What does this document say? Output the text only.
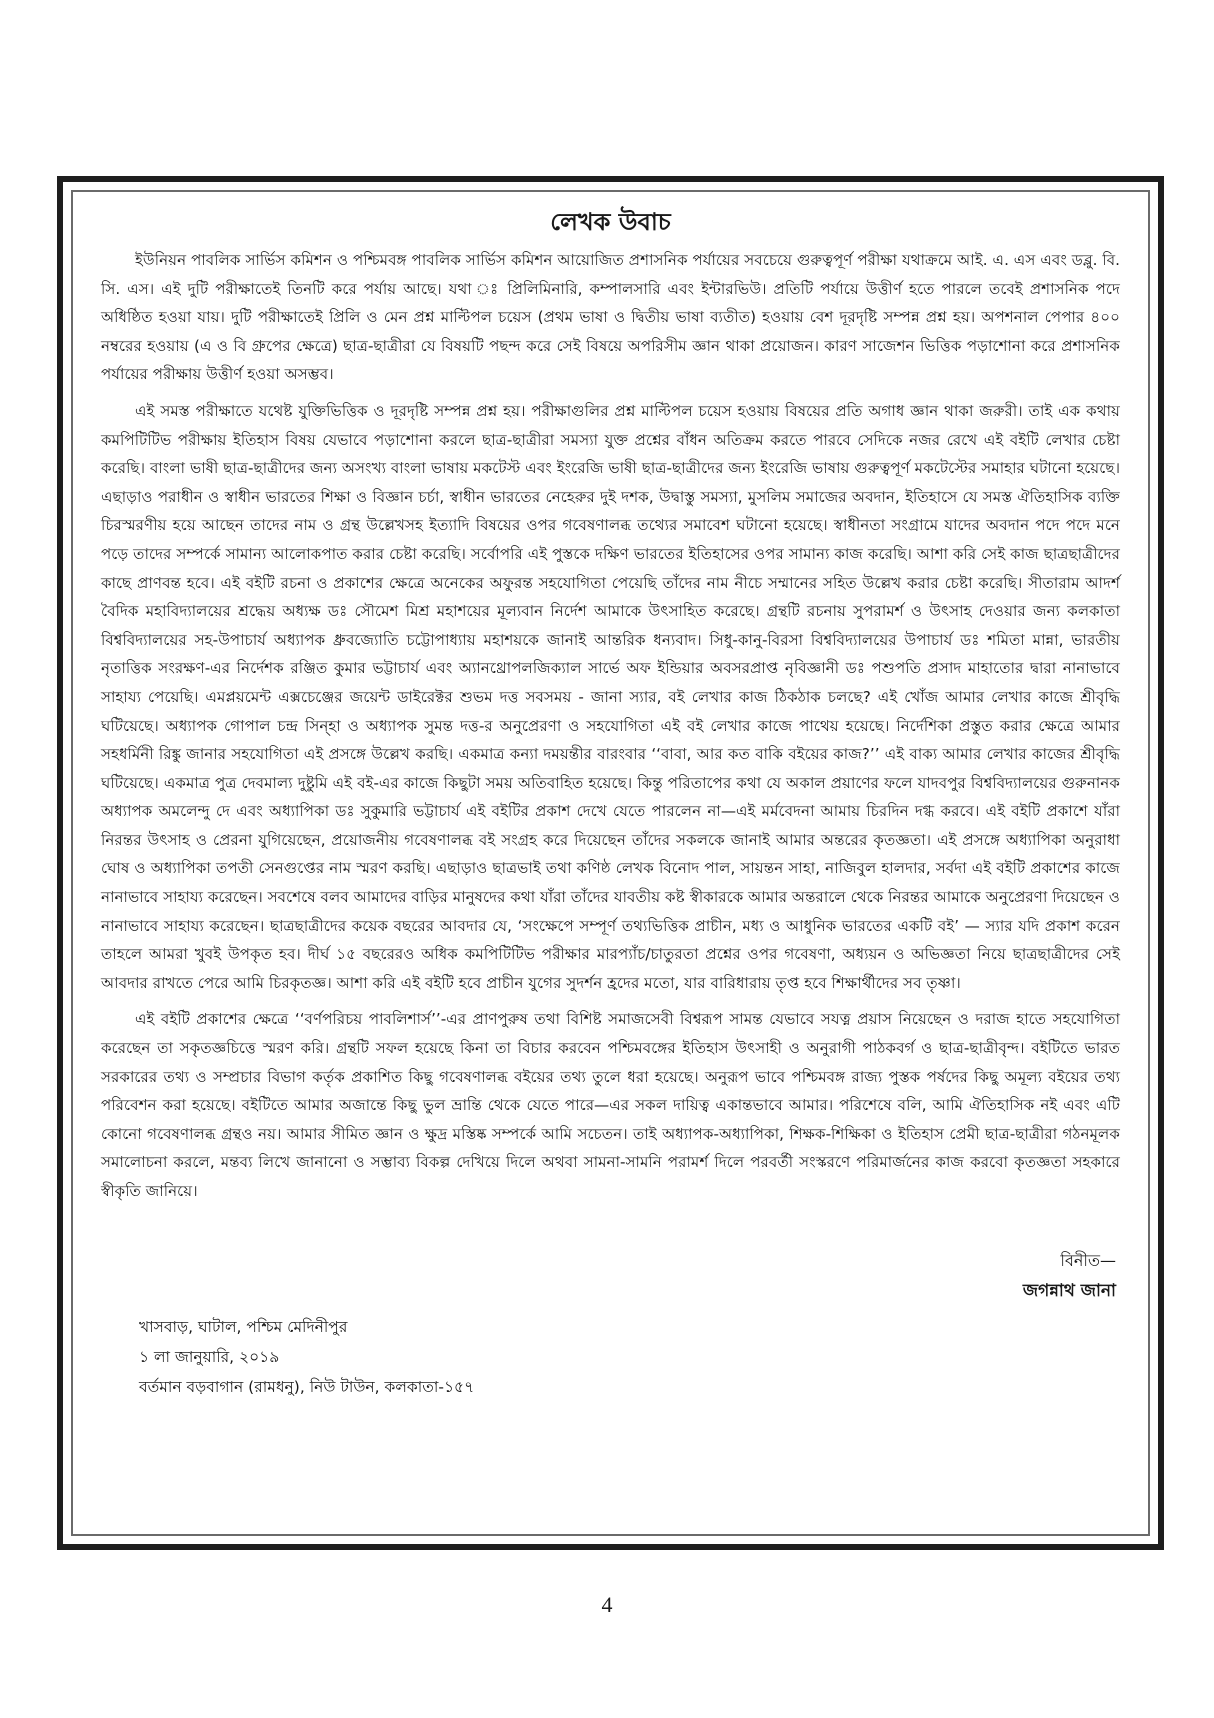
লেখক উবাচ

ইউনিয়ন পাবলিক সার্ভিস কমিশন ও পশ্চিমবঙ্গ পাবলিক সার্ভিস কমিশন আয়োজিত প্রশাসনিক পর্যায়ের সবচেয়ে গুরুত্বপূর্ণ পরীক্ষা যথাক্রমে আই. এ. এস এবং ডব্লু. বি. সি. এস। এই দুটি পরীক্ষাতেই তিনটি করে পর্যায় আছে। যথা ঃ প্রিলিমিনারি, কম্পালসারি এবং ইন্টারভিউ। প্রতিটি পর্যায়ে উত্তীর্ণ হতে পারলে তবেই প্রশাসনিক পদে অধিষ্ঠিত হওয়া যায়। দুটি পরীক্ষাতেই প্রিলি ও মেন প্রশ্ন মাল্টিপল চয়েস (প্রথম ভাষা ও দ্বিতীয় ভাষা ব্যতীত) হওয়ায় বেশ দূরদৃষ্টি সম্পন্ন প্রশ্ন হয়। অপশনাল পেপার ৪০০ নম্বরের হওয়ায় (এ ও বি গ্রুপের ক্ষেত্রে) ছাত্র-ছাত্রীরা যে বিষয়টি পছন্দ করে সেই বিষয়ে অপরিসীম জ্ঞান থাকা প্রয়োজন। কারণ সাজেশন ভিত্তিক পড়াশোনা করে প্রশাসনিক পর্যায়ের পরীক্ষায় উত্তীর্ণ হওয়া অসম্ভব।

এই সমস্ত পরীক্ষাতে যথেষ্ট যুক্তিভিত্তিক ও দূরদৃষ্টি সম্পন্ন প্রশ্ন হয়। পরীক্ষাগুলির প্রশ্ন মাল্টিপল চয়েস হওয়ায় বিষয়ের প্রতি অগাধ জ্ঞান থাকা জরুরী। তাই এক কথায় কমপিটিটিভ পরীক্ষায় ইতিহাস বিষয় যেভাবে পড়াশোনা করলে ছাত্র-ছাত্রীরা সমস্যা যুক্ত প্রশ্নের বাঁধন অতিক্রম করতে পারবে সেদিকে নজর রেখে এই বইটি লেখার চেষ্টা করেছি। বাংলা ভাষী ছাত্র-ছাত্রীদের জন্য অসংখ্য বাংলা ভাষায় মকটেস্ট এবং ইংরেজি ভাষী ছাত্র-ছাত্রীদের জন্য ইংরেজি ভাষায় গুরুত্বপূর্ণ মকটেস্টের সমাহার ঘটানো হয়েছে। এছাড়াও পরাধীন ও স্বাধীন ভারতের শিক্ষা ও বিজ্ঞান চর্চা, স্বাধীন ভারতের নেহেরুর দুই দশক, উদ্বাস্তু সমস্যা, মুসলিম সমাজের অবদান, ইতিহাসে যে সমস্ত ঐতিহাসিক ব্যক্তি চিরস্মরণীয় হয়ে আছেন তাদের নাম ও গ্রন্থ উল্লেখসহ ইত্যাদি বিষয়ের ওপর গবেষণালব্ধ তথ্যের সমাবেশ ঘটানো হয়েছে। স্বাধীনতা সংগ্রামে যাদের অবদান পদে পদে মনে পড়ে তাদের সম্পর্কে সামান্য আলোকপাত করার চেষ্টা করেছি। সর্বোপরি এই পুস্তকে দক্ষিণ ভারতের ইতিহাসের ওপর সামান্য কাজ করেছি। আশা করি সেই কাজ ছাত্রছাত্রীদের কাছে প্রাণবন্ত হবে। এই বইটি রচনা ও প্রকাশের ক্ষেত্রে অনেকের অফুরন্ত সহযোগিতা পেয়েছি তাঁদের নাম নীচে সম্মানের সহিত উল্লেখ করার চেষ্টা করেছি। সীতারাম আদর্শ বৈদিক মহাবিদ্যালয়ের শ্রদ্ধেয় অধ্যক্ষ ডঃ সৌমেশ মিশ্র মহাশয়ের মূল্যবান নির্দেশ আমাকে উৎসাহিত করেছে। গ্রন্থটি রচনায় সুপরামর্শ ও উৎসাহ দেওয়ার জন্য কলকাতা বিশ্ববিদ্যালয়ের সহ-উপাচার্য অধ্যাপক ধ্রুবজ্যোতি চট্টোপাধ্যায় মহাশয়কে জানাই আন্তরিক ধন্যবাদ। সিধু-কানু-বিরসা বিশ্ববিদ্যালয়ের উপাচার্য ডঃ শমিতা মান্না, ভারতীয় নৃতাত্তিক সংরক্ষণ-এর নির্দেশক রঞ্জিত কুমার ভট্টাচার্য এবং অ্যানথ্রোপলজিক্যাল সার্ভে অফ ইন্ডিয়ার অবসরপ্রাপ্ত নৃবিজ্ঞানী ডঃ পশুপতি প্রসাদ মাহাতোর দ্বারা নানাভাবে সাহায্য পেয়েছি। এমপ্লয়মেন্ট এক্সচেঞ্জের জয়েন্ট ডাইরেক্টর শুভম দত্ত সবসময় - জানা স্যার, বই লেখার কাজ ঠিকঠাক চলছে? এই খোঁজ আমার লেখার কাজে শ্রীবৃদ্ধি ঘটিয়েছে। অধ্যাপক গোপাল চন্দ্র সিন্‌হা ও অধ্যাপক সুমন্ত দত্ত-র অনুপ্রেরণা ও সহযোগিতা এই বই লেখার কাজে পাথেয় হয়েছে। নির্দেশিকা প্রস্তুত করার ক্ষেত্রে আমার সহধর্মিনী রিঙ্কু জানার সহযোগিতা এই প্রসঙ্গে উল্লেখ করছি। একমাত্র কন্যা দময়ন্তীর বারংবার ‘‘বাবা, আর কত বাকি বইয়ের কাজ?’’ এই বাক্য আমার লেখার কাজের শ্রীবৃদ্ধি ঘটিয়েছে। একমাত্র পুত্র দেবমাল্য দুষ্টুমি এই বই-এর কাজে কিছুটা সময় অতিবাহিত হয়েছে। কিন্তু পরিতাপের কথা যে অকাল প্রয়াণের ফলে যাদবপুর বিশ্ববিদ্যালয়ের গুরুনানক অধ্যাপক অমলেন্দু দে এবং অধ্যাপিকা ডঃ সুকুমারি ভট্টাচার্য এই বইটির প্রকাশ দেখে যেতে পারলেন না—এই মর্মবেদনা আমায় চিরদিন দগ্ধ করবে। এই বইটি প্রকাশে যাঁরা নিরন্তর উৎসাহ ও প্রেরনা যুগিয়েছেন, প্রয়োজনীয় গবেষণালব্ধ বই সংগ্রহ করে দিয়েছেন তাঁদের সকলকে জানাই আমার অন্তরের কৃতজ্ঞতা। এই প্রসঙ্গে অধ্যাপিকা অনুরাধা ঘোষ ও অধ্যাপিকা তপতী সেনগুপ্তের নাম স্মরণ করছি। এছাড়াও ছাত্রভাই তথা কণিষ্ঠ লেখক বিনোদ পাল, সায়ন্তন সাহা, নাজিবুল হালদার, সর্বদা এই বইটি প্রকাশের কাজে নানাভাবে সাহায্য করেছেন। সবশেষে বলব আমাদের বাড়ির মানুষদের কথা যাঁরা তাঁদের যাবতীয় কষ্ট স্বীকারকে আমার অন্তরালে থেকে নিরন্তর আমাকে অনুপ্রেরণা দিয়েছেন ও নানাভাবে সাহায্য করেছেন। ছাত্রছাত্রীদের কয়েক বছরের আবদার যে, ‘সংক্ষেপে সম্পূর্ণ তথ্যভিত্তিক প্রাচীন, মধ্য ও আধুনিক ভারতের একটি বই’ — স্যার যদি প্রকাশ করেন তাহলে আমরা খুবই উপকৃত হব। দীর্ঘ ১৫ বছরেরও অধিক কমপিটিটিভ পরীক্ষার মারপ্যাঁচ/চাতুরতা প্রশ্নের ওপর গবেষণা, অধ্যয়ন ও অভিজ্ঞতা নিয়ে ছাত্রছাত্রীদের সেই আবদার রাখতে পেরে আমি চিরকৃতজ্ঞ। আশা করি এই বইটি হবে প্রাচীন যুগের সুদর্শন হ্রদের মতো, যার বারিধারায় তৃপ্ত হবে শিক্ষার্থীদের সব তৃষ্ণা।

এই বইটি প্রকাশের ক্ষেত্রে ‘‘বর্ণপরিচয় পাবলিশার্স’’-এর প্রাণপুরুষ তথা বিশিষ্ট সমাজসেবী বিশ্বরূপ সামন্ত যেভাবে সযত্ন প্রয়াস নিয়েছেন ও দরাজ হাতে সহযোগিতা করেছেন তা সকৃতজ্ঞচিত্তে স্মরণ করি। গ্রন্থটি সফল হয়েছে কিনা তা বিচার করবেন পশ্চিমবঙ্গের ইতিহাস উৎসাহী ও অনুরাগী পাঠকবর্গ ও ছাত্র-ছাত্রীবৃন্দ। বইটিতে ভারত সরকারের তথ্য ও সম্প্রচার বিভাগ কর্তৃক প্রকাশিত কিছু গবেষণালব্ধ বইয়ের তথ্য তুলে ধরা হয়েছে। অনুরূপ ভাবে পশ্চিমবঙ্গ রাজ্য পুস্তক পর্ষদের কিছু অমূল্য বইয়ের তথ্য পরিবেশন করা হয়েছে। বইটিতে আমার অজান্তে কিছু ভুল ভ্রান্তি থেকে যেতে পারে—এর সকল দায়িত্ব একান্তভাবে আমার। পরিশেষে বলি, আমি ঐতিহাসিক নই এবং এটি কোনো গবেষণালব্ধ গ্রন্থও নয়। আমার সীমিত জ্ঞান ও ক্ষুদ্র মস্তিষ্ক সম্পর্কে আমি সচেতন। তাই অধ্যাপক-অধ্যাপিকা, শিক্ষক-শিক্ষিকা ও ইতিহাস প্রেমী ছাত্র-ছাত্রীরা গঠনমূলক সমালোচনা করলে, মন্তব্য লিখে জানানো ও সম্ভাব্য বিকল্প দেখিয়ে দিলে অথবা সামনা-সামনি পরামর্শ দিলে পরবর্তী সংস্করণে পরিমার্জনের কাজ করবো কৃতজ্ঞতা সহকারে স্বীকৃতি জানিয়ে।

বিনীত—
জগন্নাথ জানা
খাসবাড়, ঘাটাল, পশ্চিম মেদিনীপুর
১ লা জানুয়ারি, ২০১৯
বর্তমান বড়বাগান (রামধনু), নিউ টাউন, কলকাতা-১৫৭
4
